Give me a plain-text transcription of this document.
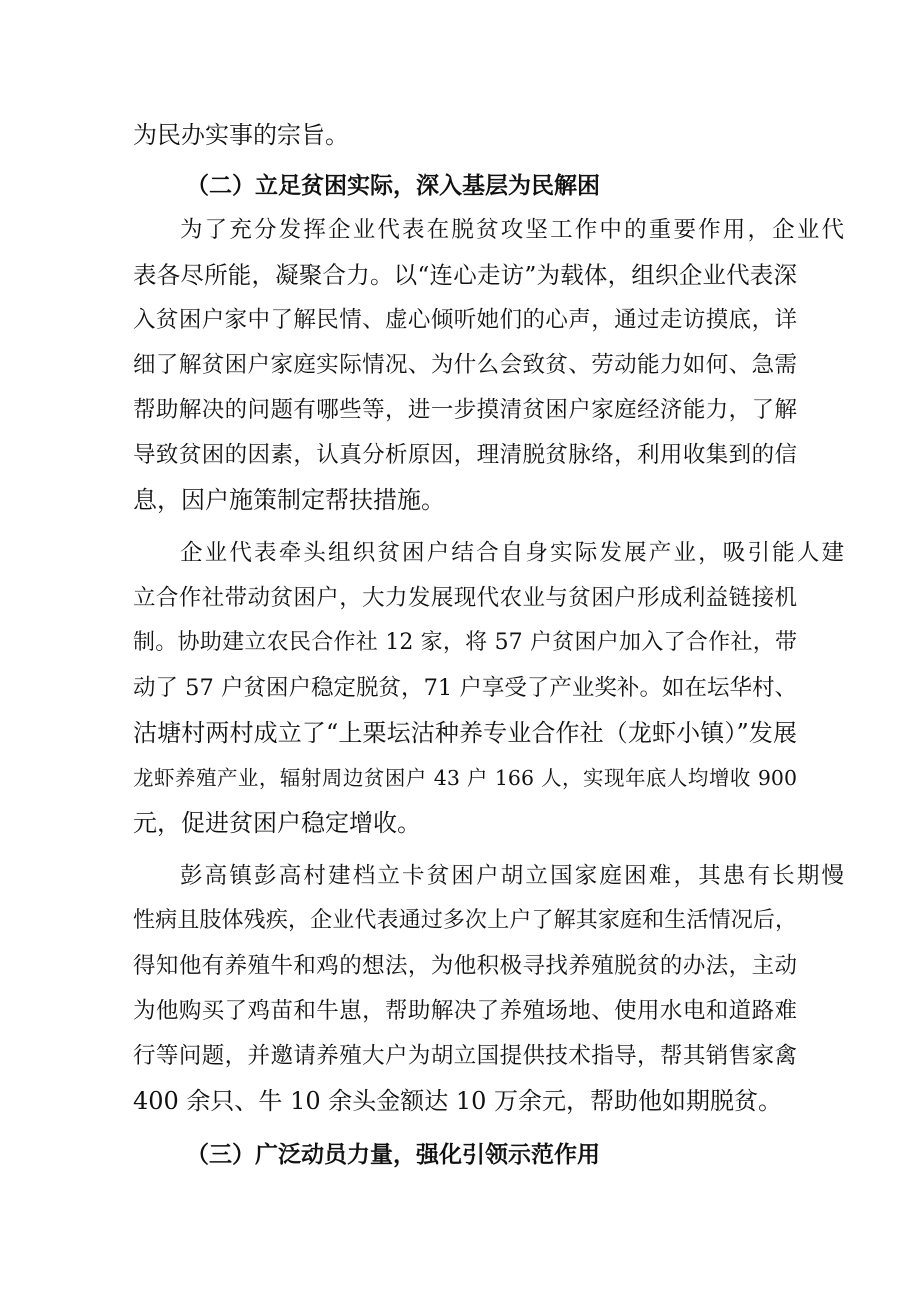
为民办实事的宗旨。
（二）立足贫困实际，深入基层为民解困
为了充分发挥企业代表在脱贫攻坚工作中的重要作用，企业代
表各尽所能，凝聚合力。以“连心走访”为载体，组织企业代表深
入贫困户家中了解民情、虚心倾听她们的心声，通过走访摸底，详
细了解贫困户家庭实际情况、为什么会致贫、劳动能力如何、急需
帮助解决的问题有哪些等，进一步摸清贫困户家庭经济能力，了解
导致贫困的因素，认真分析原因，理清脱贫脉络，利用收集到的信
息，因户施策制定帮扶措施。
企业代表牵头组织贫困户结合自身实际发展产业，吸引能人建
立合作社带动贫困户，大力发展现代农业与贫困户形成利益链接机
制。协助建立农民合作社 12 家，将 57 户贫困户加入了合作社，带
动了 57 户贫困户稳定脱贫，71 户享受了产业奖补。如在坛华村、
沽塘村两村成立了“上栗坛沽种养专业合作社（龙虾小镇）”发展
龙虾养殖产业，辐射周边贫困户 43 户 166 人，实现年底人均增收 900
元，促进贫困户稳定增收。
彭高镇彭高村建档立卡贫困户胡立国家庭困难，其患有长期慢
性病且肢体残疾，企业代表通过多次上户了解其家庭和生活情况后，
得知他有养殖牛和鸡的想法，为他积极寻找养殖脱贫的办法，主动
为他购买了鸡苗和牛崽，帮助解决了养殖场地、使用水电和道路难
行等问题，并邀请养殖大户为胡立国提供技术指导，帮其销售家禽
400 余只、牛 10 余头金额达 10 万余元，帮助他如期脱贫。
（三）广泛动员力量，强化引领示范作用
